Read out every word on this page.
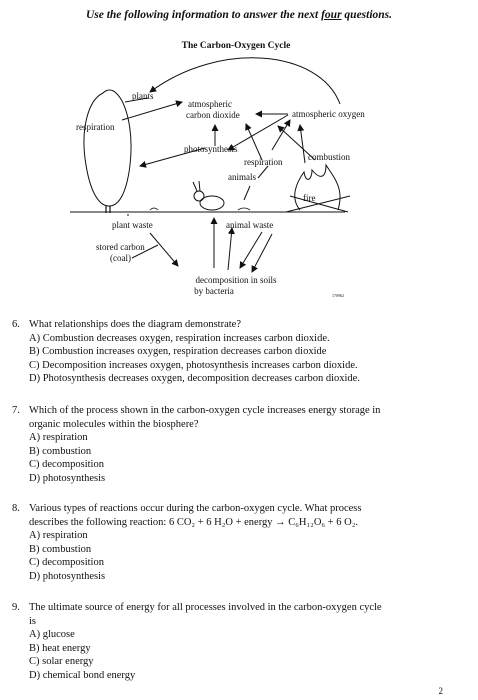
Use the following information to answer the next four questions.
The Carbon-Oxygen Cycle
plants
respiration
atmospheric
carbon dioxide	atmospheric oxygen
photosynthesis
respiration
animals
combustion
fire
plant waste	animal waste
stored carbon
(coal)
decomposition in soils
by bacteria	170962
6. What relationships does the diagram demonstrate?
A) Combustion decreases oxygen, respiration increases carbon dioxide.
B) Combustion increases oxygen, respiration decreases carbon dioxide
C) Decomposition increases oxygen, photosynthesis increases carbon dioxide.
D) Photosynthesis decreases oxygen, decomposition decreases carbon dioxide.
7. Which of the process shown in the carbon-oxygen cycle increases energy storage in
organic molecules within the biosphere?
A) respiration
B) combustion
C) decomposition
D) photosynthesis
8. Various types of reactions occur during the carbon-oxygen cycle. What process
describes the following reaction: 6 CO₂ + 6 H₂O + energy → C₆H₁₂O₆ + 6 O₂.
A) respiration
B) combustion
C) decomposition
D) photosynthesis
9. The ultimate source of energy for all processes involved in the carbon-oxygen cycle
is
A) glucose
B) heat energy
C) solar energy
D) chemical bond energy
2
